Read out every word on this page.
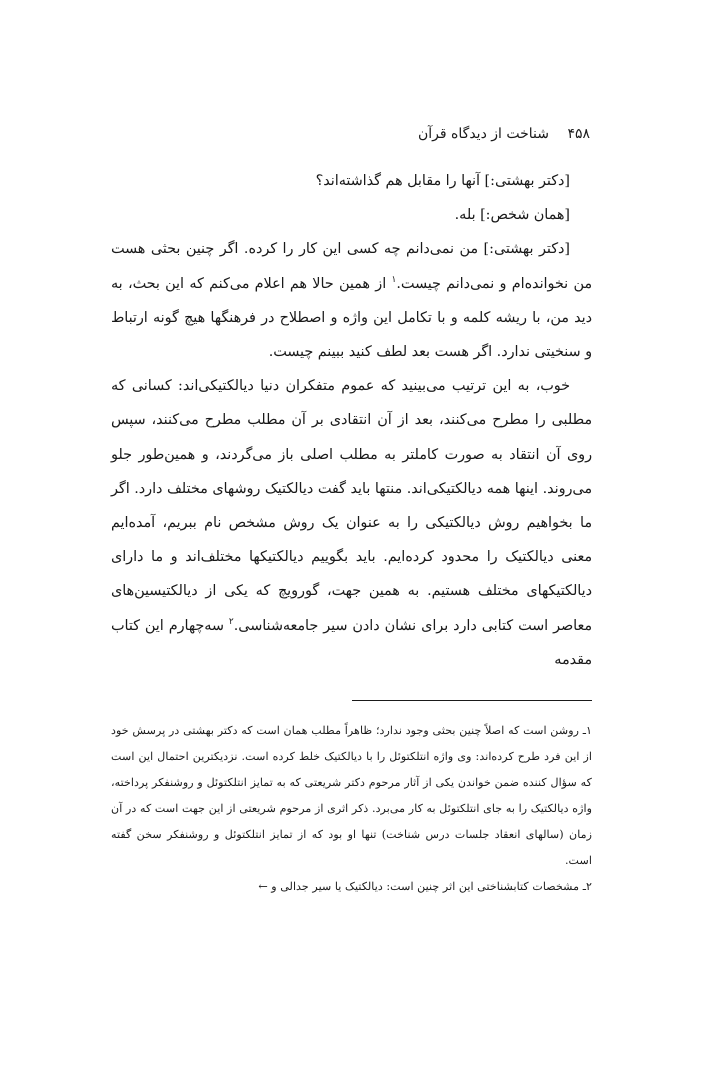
۴۵۸ شناخت از دیدگاه قرآن

[دکتر بهشتی:] آنها را مقابل هم گذاشته‌اند؟

[همان شخص:] بله.

[دکتر بهشتی:] من نمی‌دانم چه کسی این کار را کرده. اگر چنین بحثی هست من نخوانده‌ام و نمی‌دانم چیست.$^۱$ از همین حالا هم اعلام می‌کنم که این بحث، به دید من، با ریشه کلمه و با تکامل این واژه و اصطلاح در فرهنگها هیچ گونه ارتباط و سنخیتی ندارد. اگر هست بعد لطف کنید ببینم چیست.

خوب، به این ترتیب می‌بینید که عموم متفکران دنیا دیالکتیکی‌اند: کسانی که مطلبی را مطرح می‌کنند، بعد از آن انتقادی بر آن مطلب مطرح می‌کنند، سپس روی آن انتقاد به صورت کاملتر به مطلب اصلی باز می‌گردند، و همین‌طور جلو می‌روند. اینها همه دیالکتیکی‌اند. منتها باید گفت دیالکتیک روشهای مختلف دارد. اگر ما بخواهیم روش دیالکتیکی را به عنوان یک روش مشخص نام ببریم، آمده‌ایم معنی دیالکتیک را محدود کرده‌ایم. باید بگوییم دیالکتیکها مختلف‌اند و ما دارای دیالکتیکهای مختلف هستیم. به همین جهت، گورویچ که یکی از دیالکتیسین‌های معاصر است کتابی دارد برای نشان دادن سیر جامعه‌شناسی.$^۲$ سه‌چهارم این کتاب مقدمه

۱ـ روشن است که اصلاً چنین بحثی وجود ندارد؛ ظاهراً مطلب همان است که دکتر بهشتی در پرسش خود از این فرد طرح کرده‌اند: وی واژه انتلکتوئل را با دیالکتیک خلط کرده است. نزدیکترین احتمال این است که سؤال کننده ضمن خواندن یکی از آثار مرحوم دکتر شریعتی که به تمایز انتلکتوئل و روشنفکر پرداخته، واژه دیالکتیک را به جای انتلکتوئل به کار می‌برد. ذکر اثری از مرحوم شریعتی از این جهت است که در آن زمان (سالهای انعقاد جلسات درس شناخت) تنها او بود که از تمایز انتلکتوئل و روشنفکر سخن گفته است.

۲ـ مشخصات کتابشناختی این اثر چنین است: دیالکتیک یا سیر جدالی و ←
